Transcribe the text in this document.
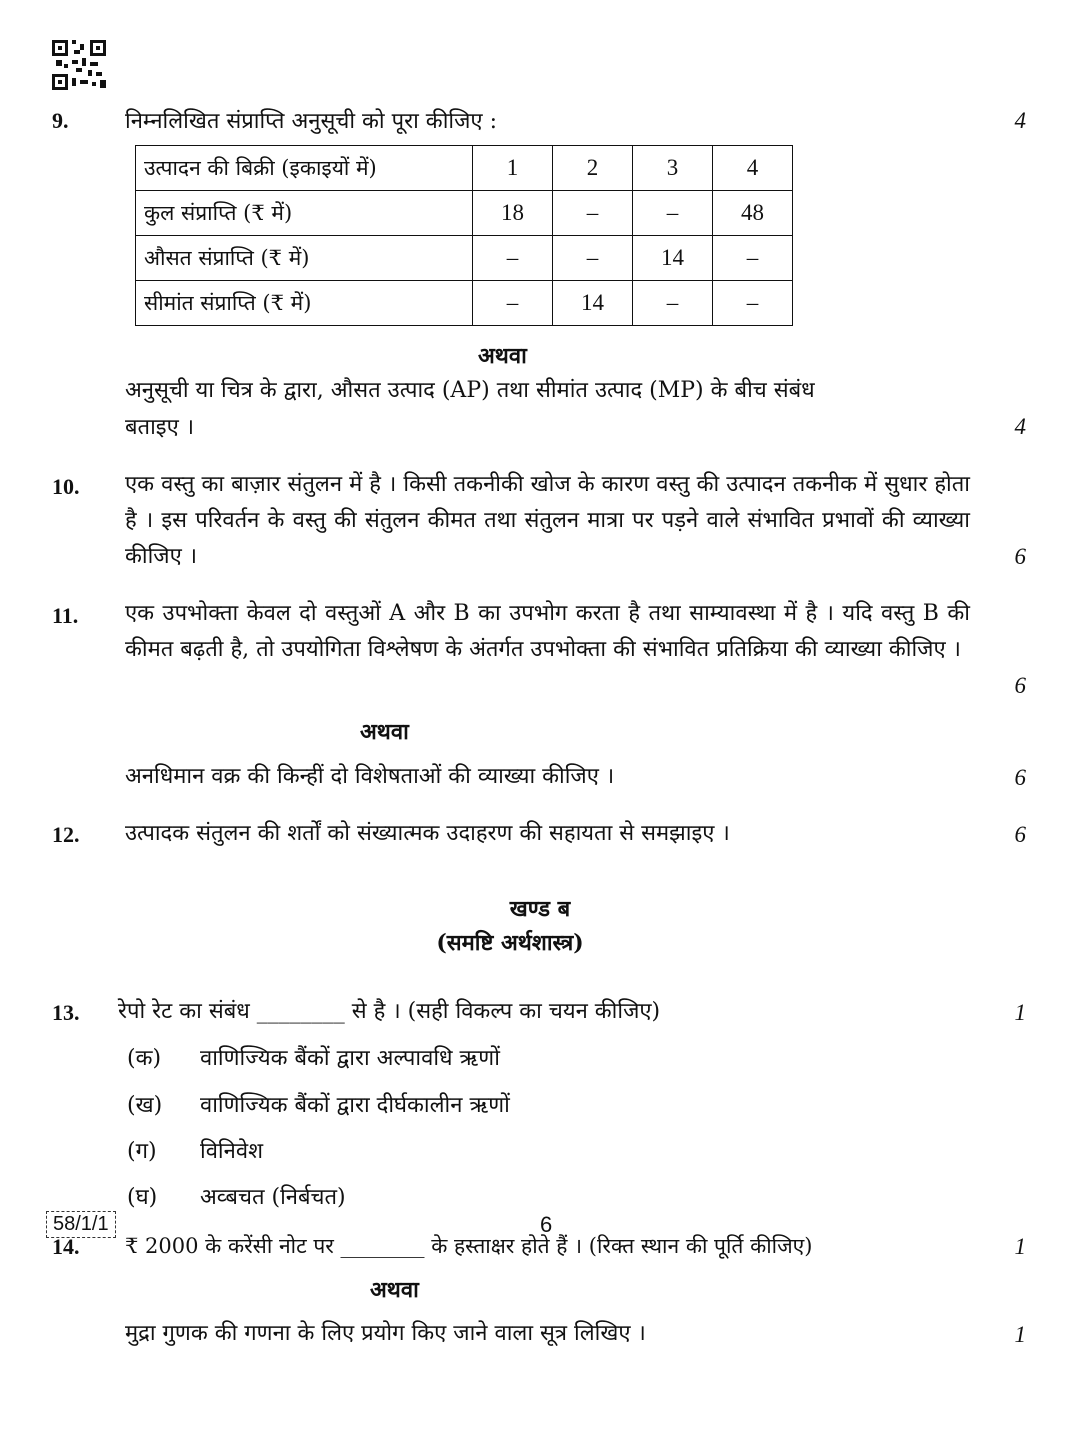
9.	निम्नलिखित संप्राप्ति अनुसूची को पूरा कीजिए :	4
उत्पादन की बिक्री (इकाइयों में)	1	2	3	4
कुल संप्राप्ति (₹ में)	18	–	–	48
औसत संप्राप्ति (₹ में)	–	–	14	–
सीमांत संप्राप्ति (₹ में)	–	14	–	–
अथवा
अनुसूची या चित्र के द्वारा, औसत उत्पाद (AP) तथा सीमांत उत्पाद (MP) के बीच संबंध
बताइए ।	4
10. एक वस्तु का बाज़ार संतुलन में है । किसी तकनीकी खोज के कारण वस्तु की उत्पादन तकनीक में सुधार होता है । इस परिवर्तन के वस्तु की संतुलन कीमत तथा संतुलन मात्रा पर पड़ने वाले संभावित प्रभावों की व्याख्या कीजिए ।	6
11. एक उपभोक्ता केवल दो वस्तुओं A और B का उपभोग करता है तथा साम्यावस्था में है । यदि वस्तु B की कीमत बढ़ती है, तो उपयोगिता विश्लेषण के अंतर्गत उपभोक्ता की संभावित प्रतिक्रिया की व्याख्या कीजिए ।
6
अथवा
अनधिमान वक्र की किन्हीं दो विशेषताओं की व्याख्या कीजिए ।	6
12. उत्पादक संतुलन की शर्तों को संख्यात्मक उदाहरण की सहायता से समझाइए ।	6
खण्ड ब
(समष्टि अर्थशास्त्र)
13. रेपो रेट का संबंध ________ से है । (सही विकल्प का चयन कीजिए)	1
(क) वाणिज्यिक बैंकों द्वारा अल्पावधि ऋणों
(ख) वाणिज्यिक बैंकों द्वारा दीर्घकालीन ऋणों
(ग) विनिवेश
(घ) अव्बचत (निर्बचत)
14. ₹ 2000 के करेंसी नोट पर ________ के हस्ताक्षर होते हैं । (रिक्त स्थान की पूर्ति कीजिए)	1
अथवा
मुद्रा गुणक की गणना के लिए प्रयोग किए जाने वाला सूत्र लिखिए ।	1
58/1/1	6
